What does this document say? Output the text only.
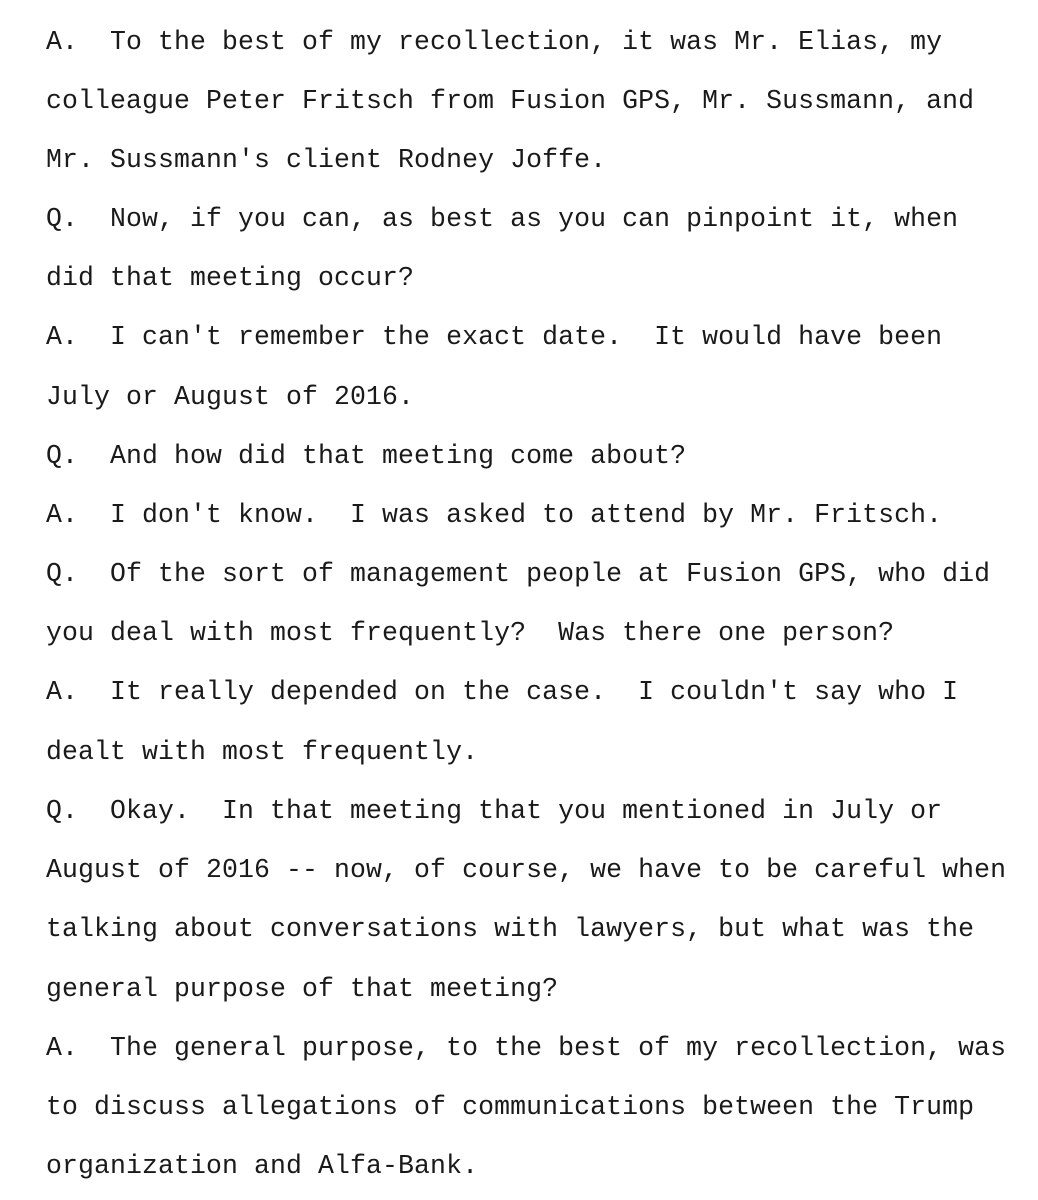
A.  To the best of my recollection, it was Mr. Elias, my

colleague Peter Fritsch from Fusion GPS, Mr. Sussmann, and

Mr. Sussmann's client Rodney Joffe.

Q.  Now, if you can, as best as you can pinpoint it, when

did that meeting occur?

A.  I can't remember the exact date.  It would have been

July or August of 2016.

Q.  And how did that meeting come about?

A.  I don't know.  I was asked to attend by Mr. Fritsch.

Q.  Of the sort of management people at Fusion GPS, who did

you deal with most frequently?  Was there one person?

A.  It really depended on the case.  I couldn't say who I

dealt with most frequently.

Q.  Okay.  In that meeting that you mentioned in July or

August of 2016 -- now, of course, we have to be careful when

talking about conversations with lawyers, but what was the

general purpose of that meeting?

A.  The general purpose, to the best of my recollection, was

to discuss allegations of communications between the Trump

organization and Alfa-Bank.
